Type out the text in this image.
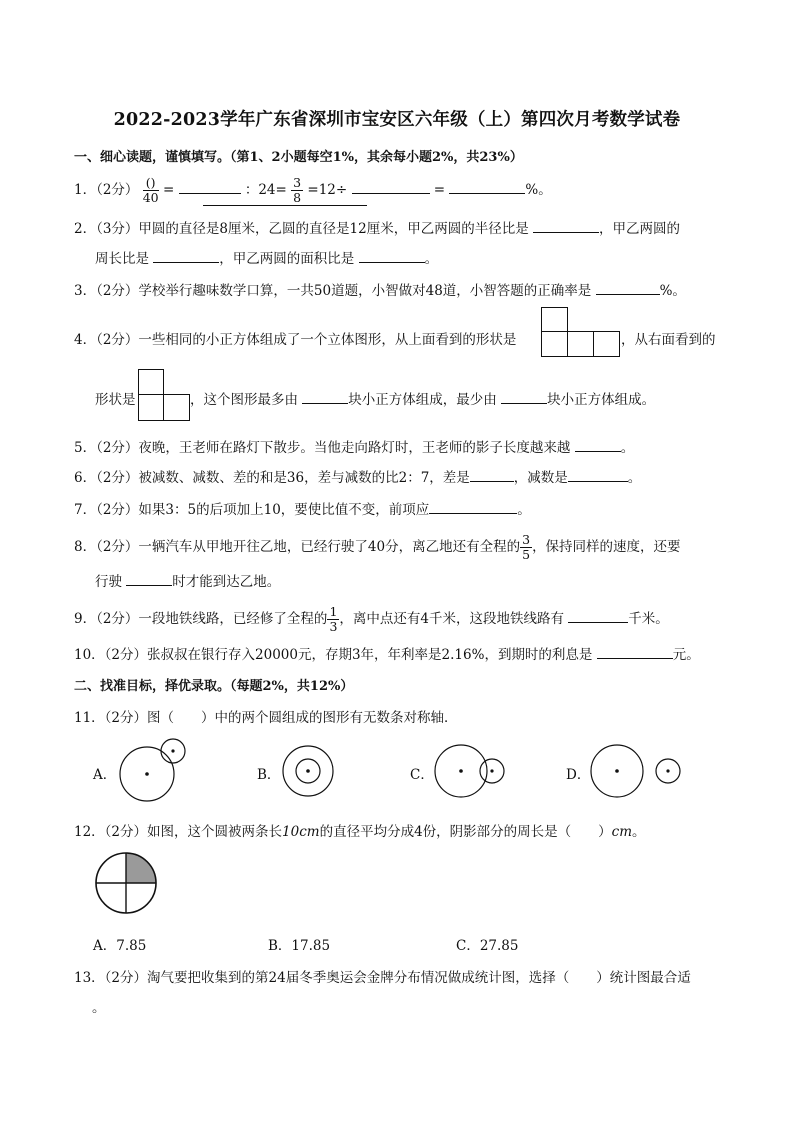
2022-2023学年广东省深圳市宝安区六年级（上）第四次月考数学试卷
一、细心读题，谨慎填写。（第1、2小题每空1%，其余每小题2%，共23%）
1．（2分） $\frac{()}{40}$ =	：$24= \frac{3}{8} =12\div$	=	%。
2．（3分）甲圆的直径是8厘米，乙圆的直径是12厘米，甲乙两圆的半径比是	，甲乙两圆的
周长比是	，甲乙两圆的面积比是	。
3．（2分）学校举行趣味数学口算，一共50道题，小智做对48道，小智答题的正确率是	%。
4．（2分）一些相同的小正方体组成了一个立体图形，从上面看到的形状是	，从右面看到的
形状是	，这个图形最多由	块小正方体组成，最少由	块小正方体组成。
5．（2分）夜晚，王老师在路灯下散步。当他走向路灯时，王老师的影子长度越来越	。
6．（2分）被减数、减数、差的和是36，差与减数的比2：7，差是	，减数是	。
7．（2分）如果3：5的后项加上10，要使比值不变，前项应	。
8．（2分）一辆汽车从甲地开往乙地，已经行驶了40分，离乙地还有全程的 $\frac{3}{5}$ ，保持同样的速度，还要
行驶	时才能到达乙地。
9．（2分）一段地铁线路，已经修了全程的 $\frac{1}{3}$ ，离中点还有4千米，这段地铁线路有	千米。
10．（2分）张叔叔在银行存入20000元，存期3年，年利率是2.16%，到期时的利息是	元。
二、找准目标，择优录取。（每题2%，共12%）
11．（2分）图（　　）中的两个圆组成的图形有无数条对称轴．
A．	B．	C．	D．
12．（2分）如图，这个圆被两条长10cm的直径平均分成4份，阴影部分的周长是（　　）cm。
A．7.85	B．17.85	C．27.85
13．（2分）淘气要把收集到的第24届冬季奥运会金牌分布情况做成统计图，选择（　　）统计图最合适
。
